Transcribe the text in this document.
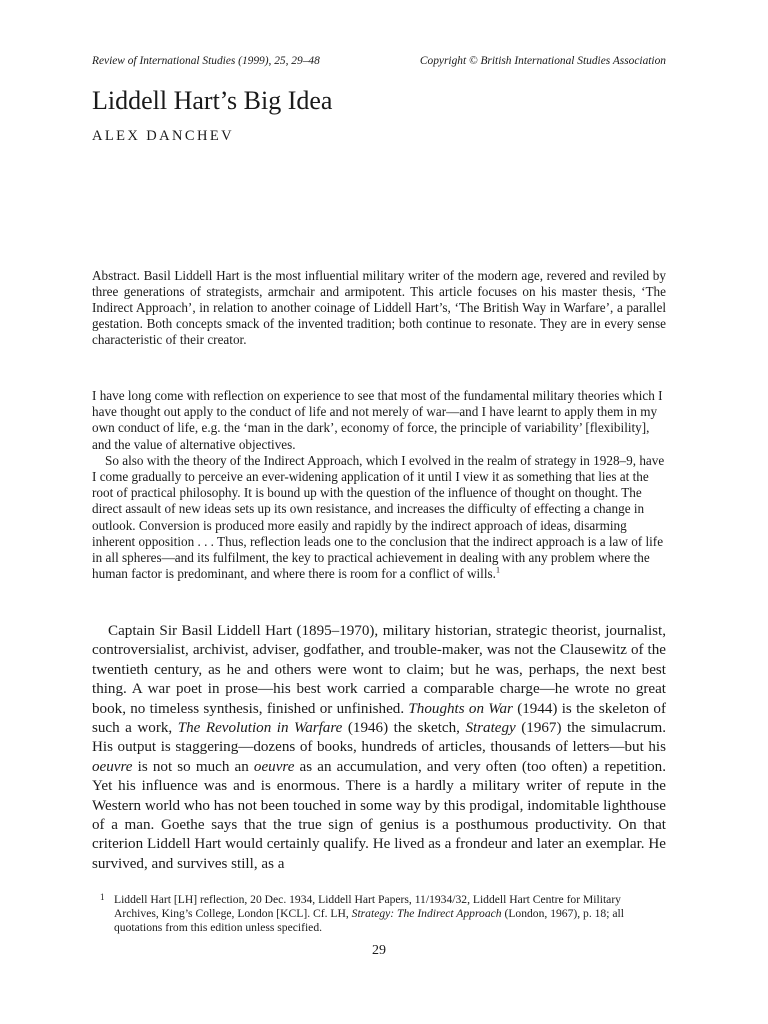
Review of International Studies (1999), 25, 29–48	Copyright © British International Studies Association
Liddell Hart’s Big Idea
ALEX DANCHEV

Abstract. Basil Liddell Hart is the most influential military writer of the modern age, revered and reviled by three generations of strategists, armchair and armipotent. This article focuses on his master thesis, ‘The Indirect Approach’, in relation to another coinage of Liddell Hart’s, ‘The British Way in Warfare’, a parallel gestation. Both concepts smack of the invented tradition; both continue to resonate. They are in every sense characteristic of their creator.

I have long come with reflection on experience to see that most of the fundamental military theories which I have thought out apply to the conduct of life and not merely of war—and I have learnt to apply them in my own conduct of life, e.g. the ‘man in the dark’, economy of force, the principle of variability’ [flexibility], and the value of alternative objectives.

So also with the theory of the Indirect Approach, which I evolved in the realm of strategy in 1928–9, have I come gradually to perceive an ever-widening application of it until I view it as something that lies at the root of practical philosophy. It is bound up with the question of the influence of thought on thought. The direct assault of new ideas sets up its own resistance, and increases the difficulty of effecting a change in outlook. Conversion is produced more easily and rapidly by the indirect approach of ideas, disarming inherent opposition . . . Thus, reflection leads one to the conclusion that the indirect approach is a law of life in all spheres—and its fulfilment, the key to practical achievement in dealing with any problem where the human factor is predominant, and where there is room for a conflict of wills.$^1$

Captain Sir Basil Liddell Hart (1895–1970), military historian, strategic theorist, journalist, controversialist, archivist, adviser, godfather, and trouble-maker, was not the Clausewitz of the twentieth century, as he and others were wont to claim; but he was, perhaps, the next best thing. A war poet in prose—his best work carried a comparable charge—he wrote no great book, no timeless synthesis, finished or unfinished. Thoughts on War (1944) is the skeleton of such a work, The Revolution in Warfare (1946) the sketch, Strategy (1967) the simulacrum. His output is staggering—dozens of books, hundreds of articles, thousands of letters—but his oeuvre is not so much an oeuvre as an accumulation, and very often (too often) a repetition. Yet his influence was and is enormous. There is a hardly a military writer of repute in the Western world who has not been touched in some way by this prodigal, indomitable lighthouse of a man. Goethe says that the true sign of genius is a posthumous productivity. On that criterion Liddell Hart would certainly qualify. He lived as a frondeur and later an exemplar. He survived, and survives still, as a

1 Liddell Hart [LH] reflection, 20 Dec. 1934, Liddell Hart Papers, 11/1934/32, Liddell Hart Centre for Military Archives, King’s College, London [KCL]. Cf. LH, Strategy: The Indirect Approach (London, 1967), p. 18; all quotations from this edition unless specified.
29
